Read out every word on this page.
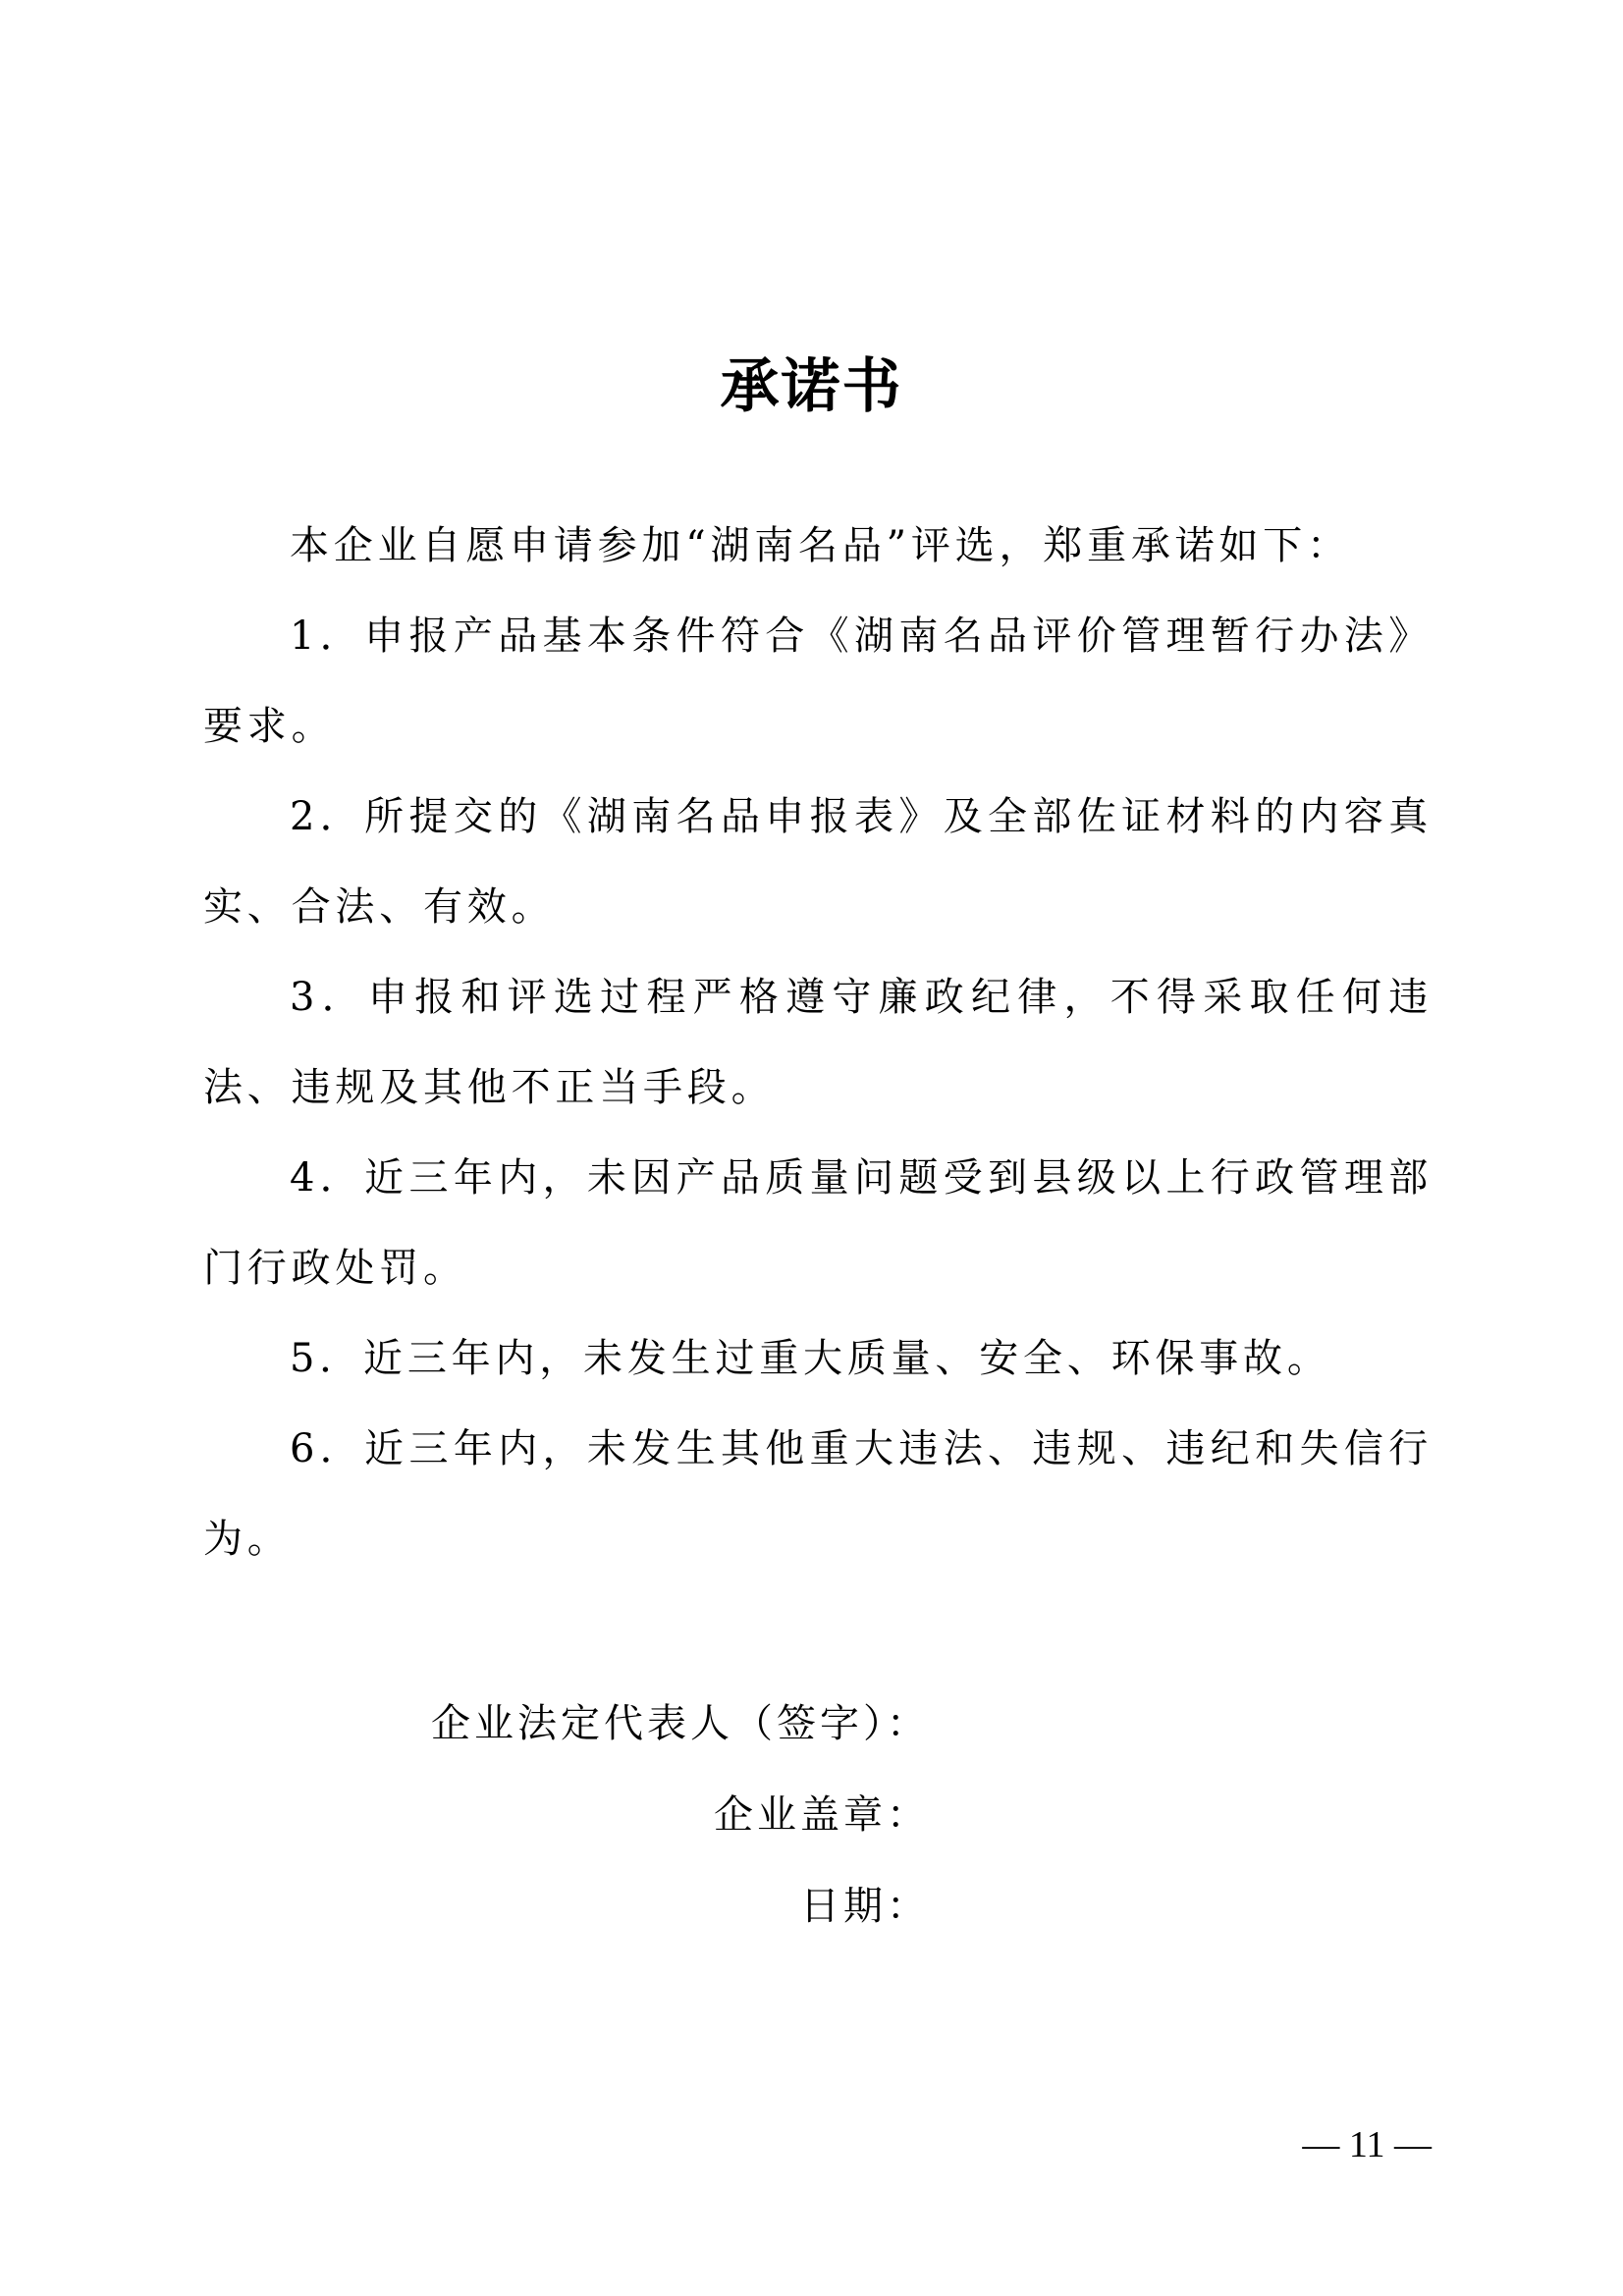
承诺书

本企业自愿申请参加“湖南名品”评选，郑重承诺如下：

1．申报产品基本条件符合《湖南名品评价管理暂行办法》要求。

2．所提交的《湖南名品申报表》及全部佐证材料的内容真实、合法、有效。

3．申报和评选过程严格遵守廉政纪律，不得采取任何违法、违规及其他不正当手段。

4．近三年内，未因产品质量问题受到县级以上行政管理部门行政处罚。

5．近三年内，未发生过重大质量、安全、环保事故。

6．近三年内，未发生其他重大违法、违规、违纪和失信行为。

企业法定代表人（签字）：
企业盖章：
日期：
— 11 —
